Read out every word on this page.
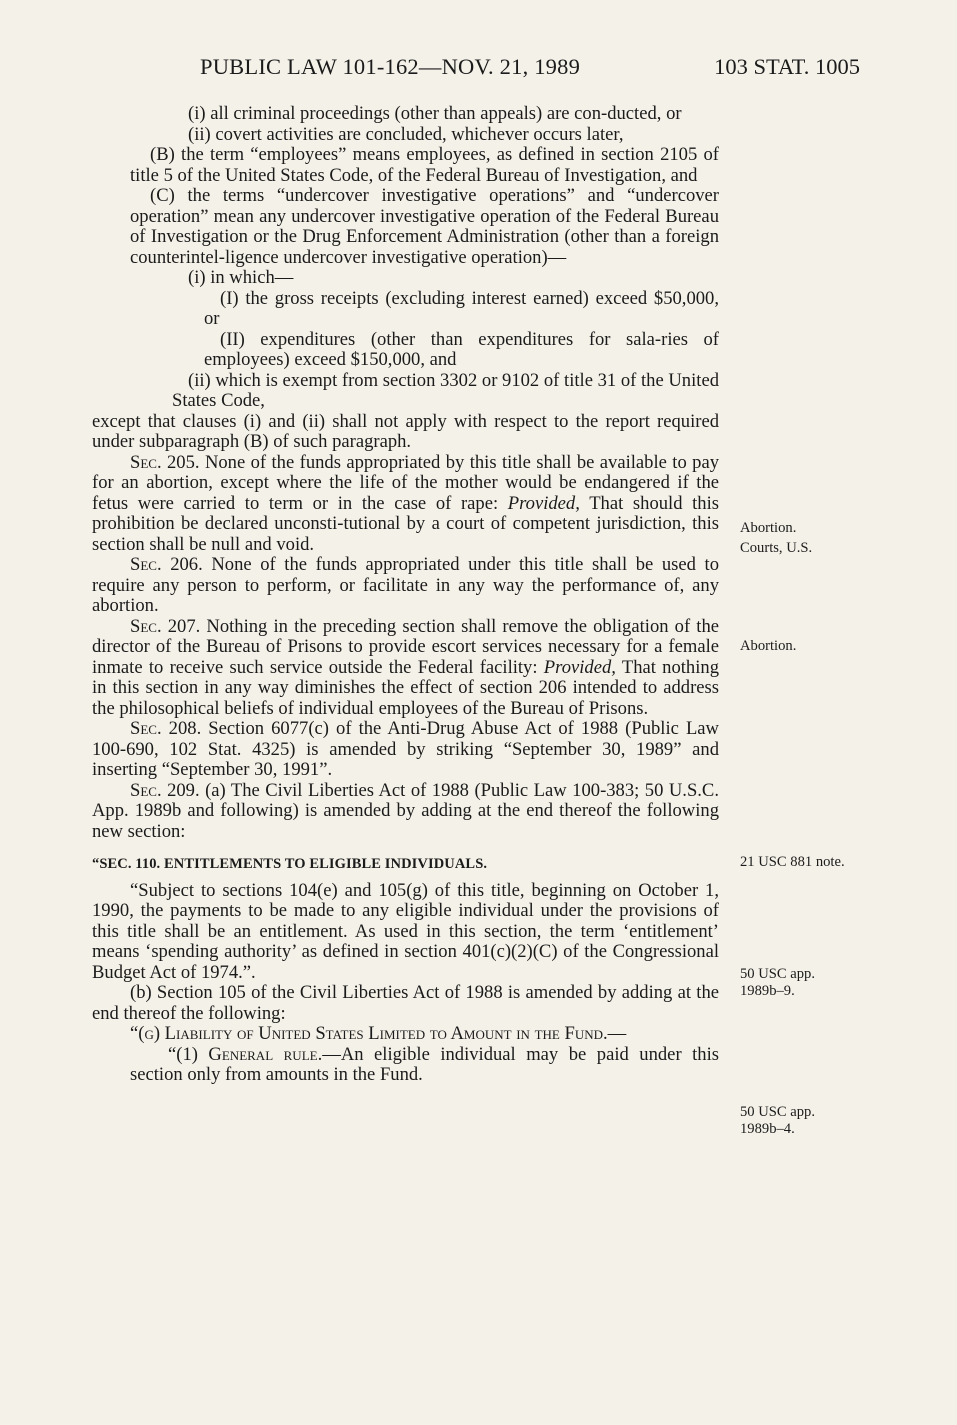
PUBLIC LAW 101-162—NOV. 21, 1989	103 STAT. 1005

(i) all criminal proceedings (other than appeals) are con-ducted, or

(ii) covert activities are concluded, whichever occurs later,

(B) the term “employees” means employees, as defined in section 2105 of title 5 of the United States Code, of the Federal Bureau of Investigation, and

(C) the terms “undercover investigative operations” and “undercover operation” mean any undercover investigative operation of the Federal Bureau of Investigation or the Drug Enforcement Administration (other than a foreign counterintel-ligence undercover investigative operation)—

(i) in which—

(I) the gross receipts (excluding interest earned) exceed $50,000, or

(II) expenditures (other than expenditures for sala-ries of employees) exceed $150,000, and

(ii) which is exempt from section 3302 or 9102 of title 31 of the United States Code,

except that clauses (i) and (ii) shall not apply with respect to the report required under subparagraph (B) of such paragraph.

Sec. 205. None of the funds appropriated by this title shall be available to pay for an abortion, except where the life of the mother would be endangered if the fetus were carried to term or in the case of rape: Provided, That should this prohibition be declared unconsti-tutional by a court of competent jurisdiction, this section shall be null and void.

Sec. 206. None of the funds appropriated under this title shall be used to require any person to perform, or facilitate in any way the performance of, any abortion.

Sec. 207. Nothing in the preceding section shall remove the obligation of the director of the Bureau of Prisons to provide escort services necessary for a female inmate to receive such service outside the Federal facility: Provided, That nothing in this section in any way diminishes the effect of section 206 intended to address the philosophical beliefs of individual employees of the Bureau of Prisons.

Sec. 208. Section 6077(c) of the Anti-Drug Abuse Act of 1988 (Public Law 100-690, 102 Stat. 4325) is amended by striking “September 30, 1989” and inserting “September 30, 1991”.

Sec. 209. (a) The Civil Liberties Act of 1988 (Public Law 100-383; 50 U.S.C. App. 1989b and following) is amended by adding at the end thereof the following new section:

“SEC. 110. ENTITLEMENTS TO ELIGIBLE INDIVIDUALS.

“Subject to sections 104(e) and 105(g) of this title, beginning on October 1, 1990, the payments to be made to any eligible individual under the provisions of this title shall be an entitlement. As used in this section, the term ‘entitlement’ means ‘spending authority’ as defined in section 401(c)(2)(C) of the Congressional Budget Act of 1974.”.

(b) Section 105 of the Civil Liberties Act of 1988 is amended by adding at the end thereof the following:

“(g) Liability of United States Limited to Amount in the Fund.—

“(1) General rule.—An eligible individual may be paid under this section only from amounts in the Fund.

Abortion.
Courts, U.S.
Abortion.
21 USC 881 note.
50 USC app.
1989b–9.
50 USC app.
1989b–4.
